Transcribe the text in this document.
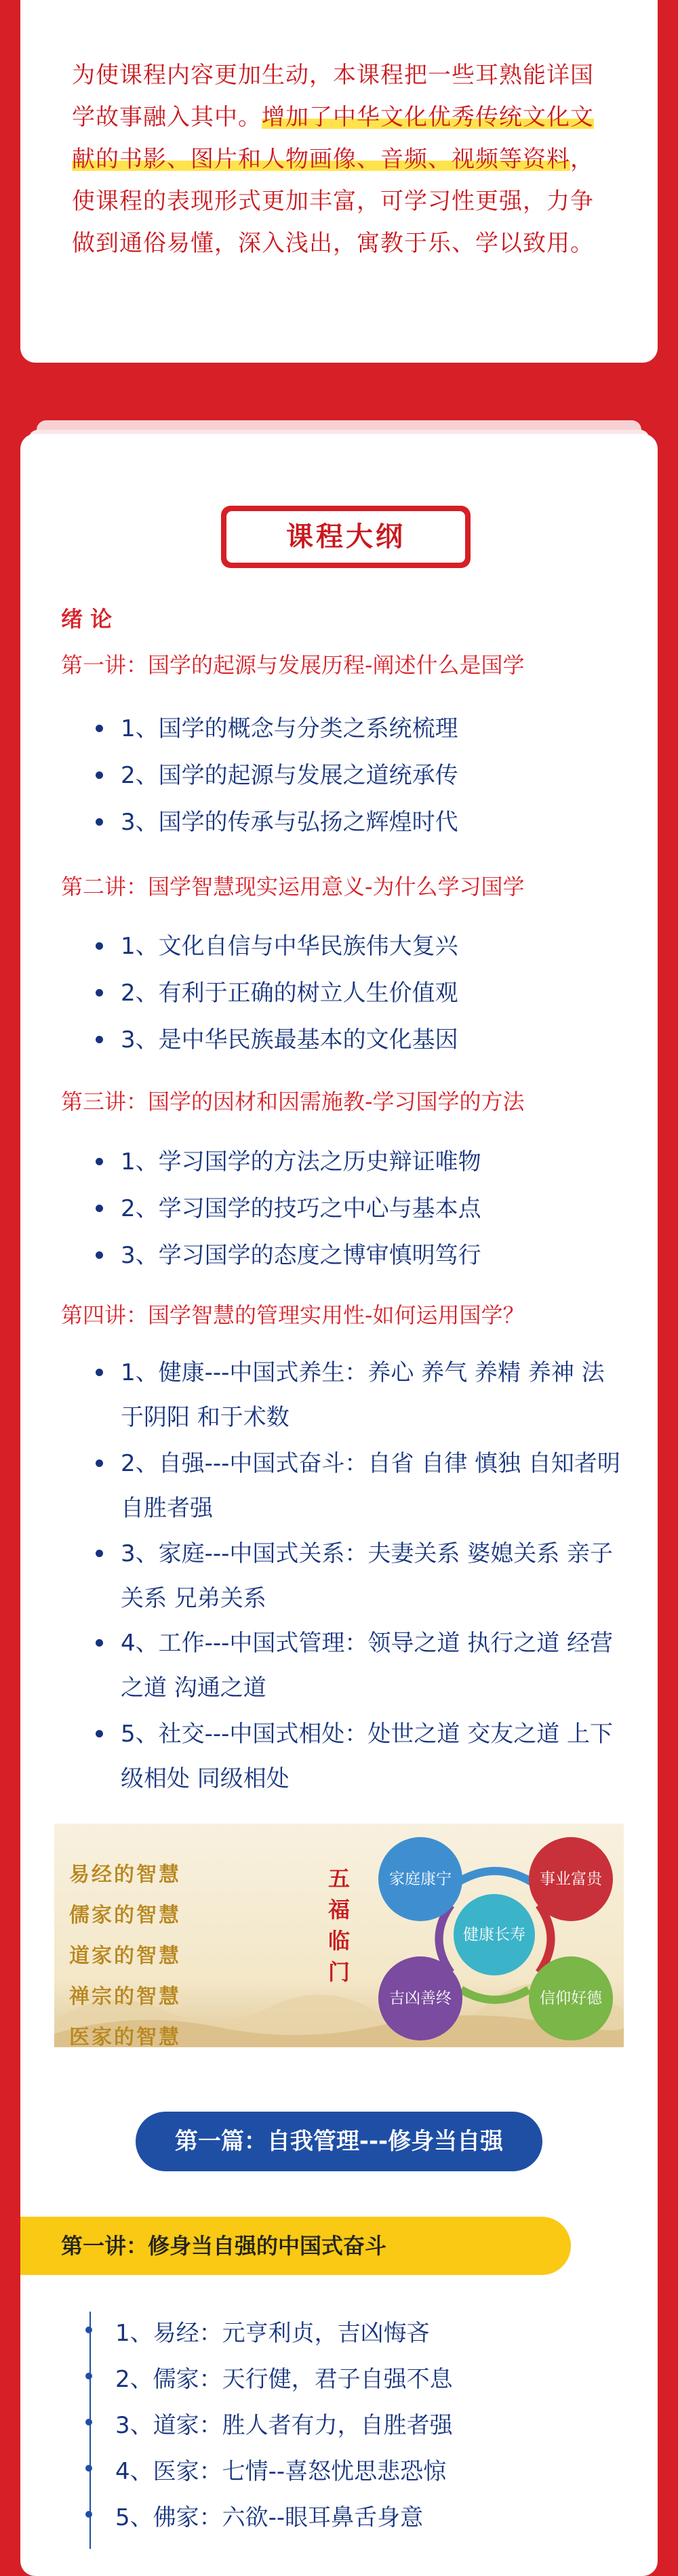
为使课程内容更加生动，本课程把一些耳熟能详国学故事融入其中。增加了中华文化优秀传统文化文献的书影、图片和人物画像、音频、视频等资料，使课程的表现形式更加丰富，可学习性更强，力争做到通俗易懂，深入浅出，寓教于乐、学以致用。

课程大纲
绪 论
第一讲：国学的起源与发展历程-阐述什么是国学
1、国学的概念与分类之系统梳理
2、国学的起源与发展之道统承传
3、国学的传承与弘扬之辉煌时代
第二讲：国学智慧现实运用意义-为什么学习国学
1、文化自信与中华民族伟大复兴
2、有利于正确的树立人生价值观
3、是中华民族最基本的文化基因
第三讲：国学的因材和因需施教-学习国学的方法
1、学习国学的方法之历史辩证唯物
2、学习国学的技巧之中心与基本点
3、学习国学的态度之博审慎明笃行
第四讲：国学智慧的管理实用性-如何运用国学？
1、健康---中国式养生：养心 养气 养精 养神 法于阴阳 和于术数
2、自强---中国式奋斗：自省 自律 慎独 自知者明 自胜者强
3、家庭---中国式关系：夫妻关系 婆媳关系 亲子关系 兄弟关系
4、工作---中国式管理：领导之道 执行之道 经营之道 沟通之道
5、社交---中国式相处：处世之道 交友之道 上下级相处 同级相处
易经的智慧
儒家的智慧
道家的智慧
禅宗的智慧
医家的智慧
五福临门
家庭康宁	事业富贵
健康长寿
吉凶善终	信仰好德
第一篇：自我管理---修身当自强
第一讲：修身当自强的中国式奋斗
1、易经：元亨利贞，吉凶悔吝
2、儒家：天行健，君子自强不息
3、道家：胜人者有力，自胜者强
4、医家：七情--喜怒忧思悲恐惊
5、佛家：六欲--眼耳鼻舌身意
